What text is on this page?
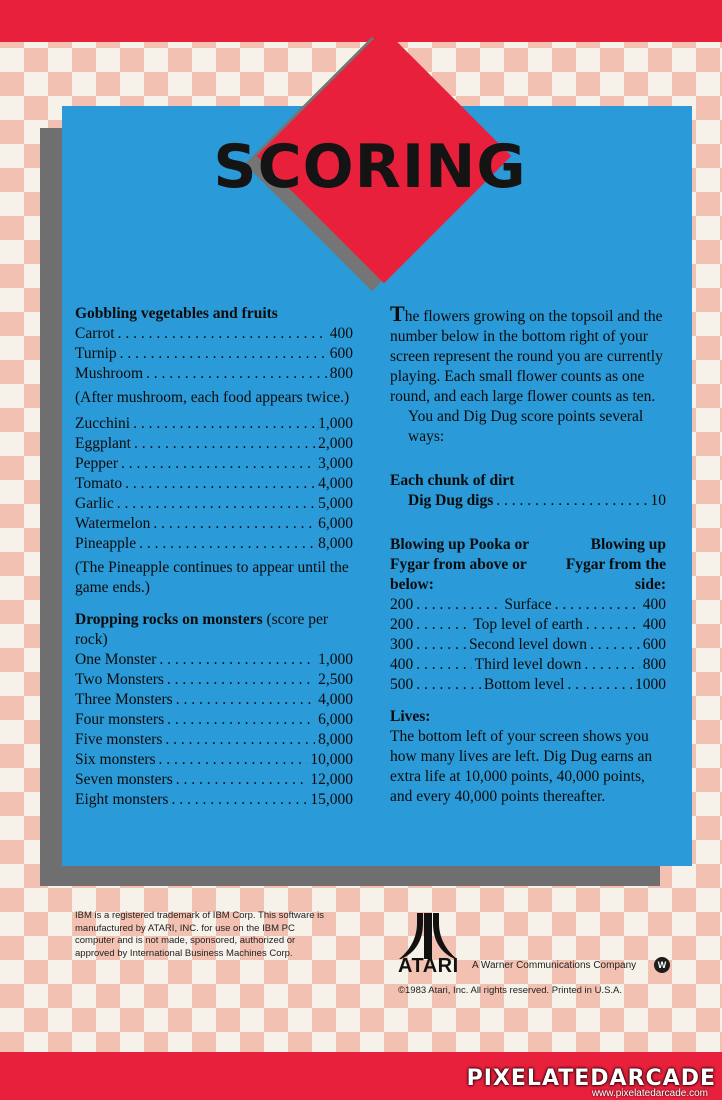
SCORING
Gobbling vegetables and fruits
Carrot . . .	400
Turnip . . .	600
Mushroom . . .	800
(After mushroom, each food appears twice.)
Zucchini . . .	1,000
Eggplant . . .	2,000
Pepper . . .	3,000
Tomato . . .	4,000
Garlic . . .	5,000
Watermelon . . .	6,000
Pineapple . . .	8,000
(The Pineapple continues to appear until the game ends.)
Dropping rocks on monsters (score per rock)
One Monster . . .	1,000
Two Monsters . . .	2,500
Three Monsters . . .	4,000
Four monsters . . .	6,000
Five monsters . . .	8,000
Six monsters . . .	10,000
Seven monsters . . .	12,000
Eight monsters . . .	15,000

The flowers growing on the topsoil and the number below in the bottom right of your screen represent the round you are currently playing. Each small flower counts as one round, and each large flower counts as ten.

You and Dig Dug score points several ways:

Each chunk of dirt
Dig Dug digs . . .	10
Blowing up Pooka or Fygar from above or below:
Blowing up Fygar from the side:
200 . . .	Surface . . .	400
200 . . .	Top level of earth . . .	400
300 . . .	Second level down . . .	600
400 . . .	Third level down . . .	800
500 . . .	Bottom level . . .	1000
Lives:

The bottom left of your screen shows you how many lives are left. Dig Dug earns an extra life at 10,000 points, 40,000 points, and every 40,000 points thereafter.

IBM is a registered trademark of IBM Corp. This software is manufactured by ATARI, INC. for use on the IBM PC computer and is not made, sponsored, authorized or approved by International Business Machines Corp.
ATARI A Warner Communications Company	W
©1983 Atari, Inc. All rights reserved. Printed in U.S.A.
PIXELATEDARCADE
www.pixelatedarcade.com
